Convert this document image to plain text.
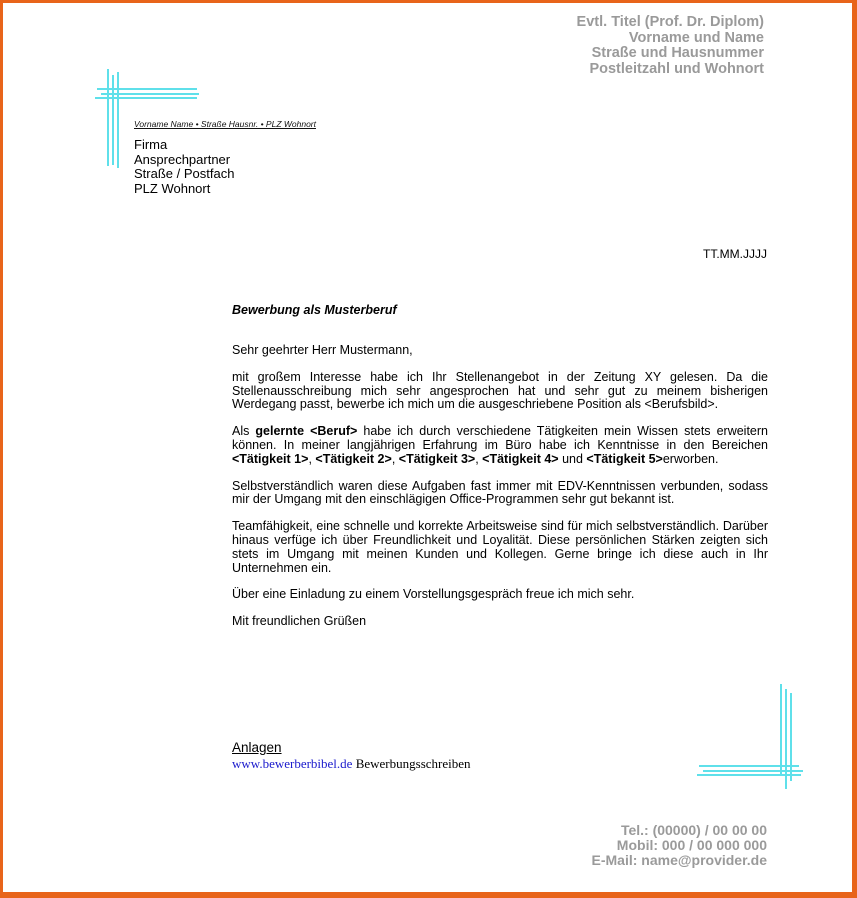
Evtl. Titel (Prof. Dr. Diplom)
Vorname und Name
Straße und Hausnummer
Postleitzahl und Wohnort
Vorname Name • Straße Hausnr. • PLZ Wohnort
Firma
Ansprechpartner
Straße / Postfach
PLZ Wohnort
TT.MM.JJJJ
Bewerbung als Musterberuf

Sehr geehrter Herr Mustermann,

mit großem Interesse habe ich Ihr Stellenangebot in der Zeitung XY gelesen. Da die Stellenausschreibung mich sehr angesprochen hat und sehr gut zu meinem bisherigen Werdegang passt, bewerbe ich mich um die ausgeschriebene Position als <Berufsbild>.

Als gelernte <Beruf> habe ich durch verschiedene Tätigkeiten mein Wissen stets erweitern können. In meiner langjährigen Erfahrung im Büro habe ich Kenntnisse in den Bereichen <Tätigkeit 1>, <Tätigkeit 2>, <Tätigkeit 3>, <Tätigkeit 4> und <Tätigkeit 5>erworben.

Selbstverständlich waren diese Aufgaben fast immer mit EDV-Kenntnissen verbunden, sodass mir der Umgang mit den einschlägigen Office-Programmen sehr gut bekannt ist.

Teamfähigkeit, eine schnelle und korrekte Arbeitsweise sind für mich selbstverständlich. Darüber hinaus verfüge ich über Freundlichkeit und Loyalität. Diese persönlichen Stärken zeigten sich stets im Umgang mit meinen Kunden und Kollegen. Gerne bringe ich diese auch in Ihr Unternehmen ein.

Über eine Einladung zu einem Vorstellungsgespräch freue ich mich sehr.

Mit freundlichen Grüßen

Anlagen
www.bewerberbibel.de Bewerbungsschreiben
Tel.: (00000) / 00 00 00
Mobil: 000 / 00 000 000
E-Mail: name@provider.de
